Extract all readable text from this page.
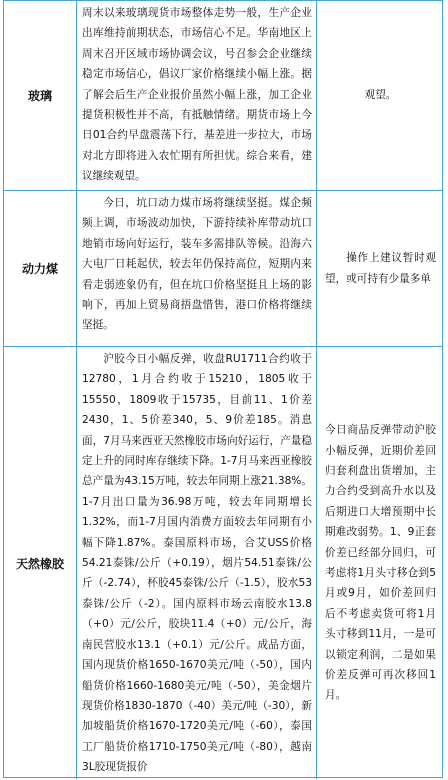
玻璃

周末以来玻璃现货市场整体走势一般，生产企业出库维持前期状态，市场信心不足。华南地区上周末召开区域市场协调会议，号召参会企业继续稳定市场信心，倡议厂家价格继续小幅上涨。据了解会后生产企业报价虽然小幅上涨，加工企业提货积极性并不高，有抵触情绪。期货市场上今日01合约早盘震荡下行，基差进一步拉大，市场对北方即将进入农忙期有所担忧。综合来看，建议继续观望。

观望。

动力煤

今日，坑口动力煤市场将继续坚挺。煤企频频上调，市场波动加快，下游持续补库带动坑口地销市场向好运行，装车多需排队等候。沿海六大电厂日耗起伏，较去年仍保持高位，短期内来看走弱迹象仍有，但在坑口价格坚挺且上场的影响下，再加上贸易商捂盘惜售，港口价格将继续坚挺。

操作上建议暂时观望，或可持有少量多单

天然橡胶

沪胶今日小幅反弹，收盘RU1711合约收于12780，1月合约收于15210，1805收于15550，1809收于15735，目前11、1价差2430，1、5价差340，5、9价差185。消息面，7月马来西亚天然橡胶市场向好运行，产量稳定上升的同时库存继续下降。1-7月马来西亚橡胶总产量为43.15万吨，较去年同期上涨21.38%。1-7月出口量为36.98万吨，较去年同期增长1.32%，而1-7月国内消费方面较去年同期有小幅下降1.87%。泰国原料市场，合艾USS价格54.21泰铢/公斤（+0.19），烟片54.51泰铢/公斤（-2.74），杯胶45泰铢/公斤（-1.5），胶水53泰铢/公斤（-2）。国内原料市场云南胶水13.8（+0）元/公斤，胶块11.4（+0）元/公斤，海南民营胶水13.1（+0.1）元/公斤。成品方面，国内现货价格1650-1670美元/吨（-50），国内船货价格1660-1680美元/吨（-50），美金烟片现货价格1830-1870（-40）美元/吨（-30），新加坡船货价格1670-1720美元/吨（-60），泰国工厂船货价格1710-1750美元/吨（-80），越南3L胶现货报价

今日商品反弹带动沪胶小幅反弹，近期价差回归套利盘出货增加，主力合约受到高升水以及后期进口大增预期中长期难改弱势。1、9正套价差已经部分回归，可考虑将1月头寸移仓到5月或9月，如价差回归后不考虑卖货可将1月头寸移到11月，一是可以锁定利润，二是如果价差反弹可再次移回1月。
